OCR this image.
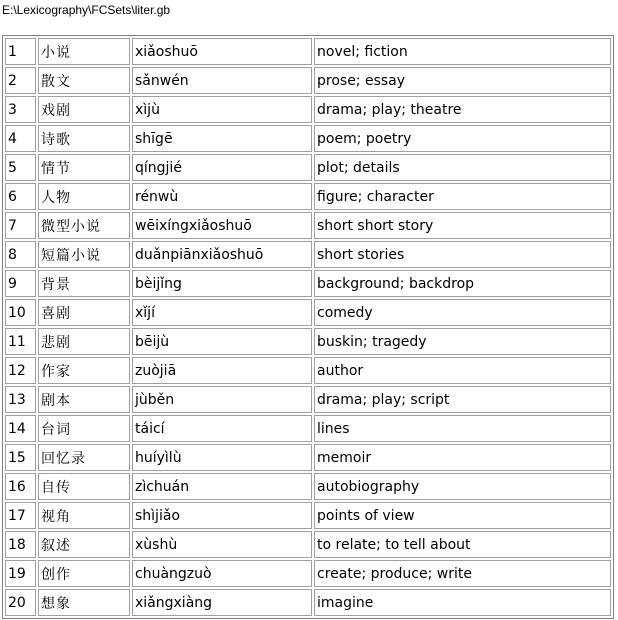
E:\Lexicography\FCSets\liter.gb
1	小说	xiǎoshuō	novel; fiction
2	散文	sǎnwén	prose; essay
3	戏剧	xìjù	drama; play; theatre
4	诗歌	shīgē	poem; poetry
5	情节	qíngjié	plot; details
6	人物	rénwù	figure; character
7	微型小说	wēixíngxiǎoshuō	short short story
8	短篇小说	duǎnpiānxiǎoshuō	short stories
9	背景	bèijǐng	background; backdrop
10	喜剧	xǐjí	comedy
11	悲剧	bēijù	buskin; tragedy
12	作家	zuòjiā	author
13	剧本	jùběn	drama; play; script
14	台词	táicí	lines
15	回忆录	huíyìlù	memoir
16	自传	zìchuán	autobiography
17	视角	shìjiǎo	points of view
18	叙述	xùshù	to relate; to tell about
19	创作	chuàngzuò	create; produce; write
20	想象	xiǎngxiàng	imagine
